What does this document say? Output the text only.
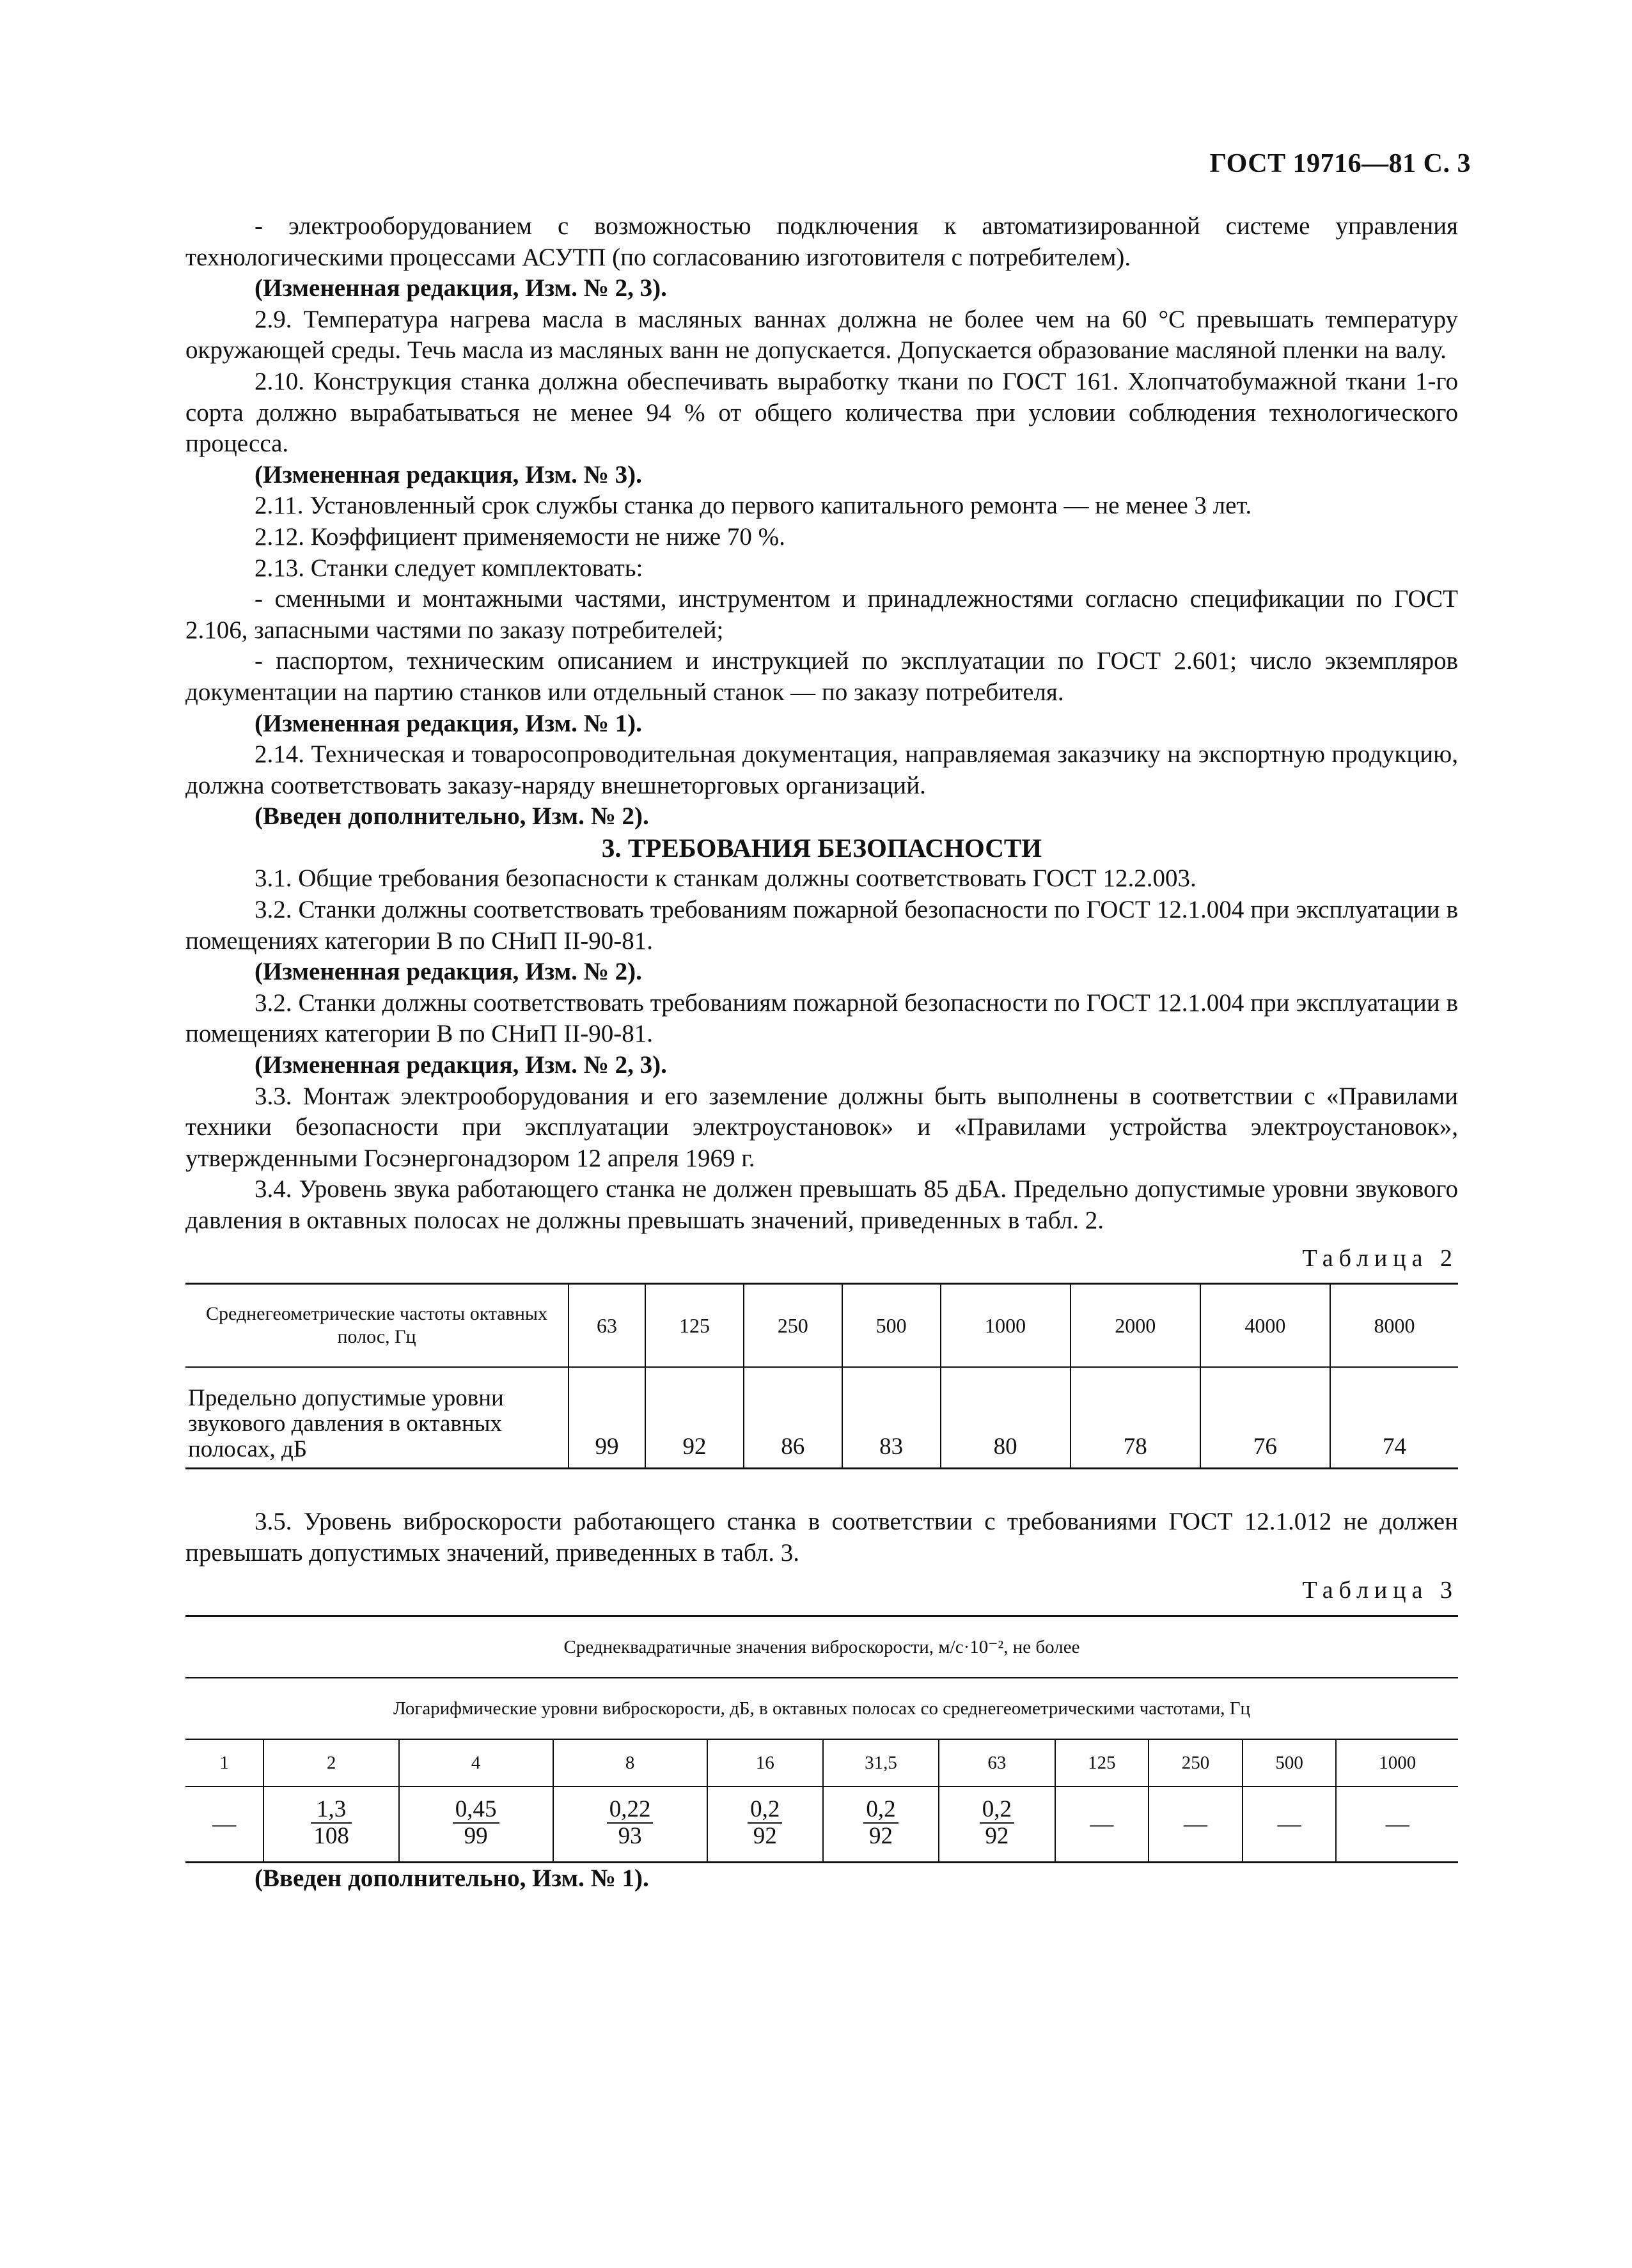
ГОСТ 19716—81 С. 3

- электрооборудованием с возможностью подключения к автоматизированной системе управления технологическими процессами АСУТП (по согласованию изготовителя с потребителем).

(Измененная редакция, Изм. № 2, 3).

2.9. Температура нагрева масла в масляных ваннах должна не более чем на 60 °С превышать температуру окружающей среды. Течь масла из масляных ванн не допускается. Допускается образование масляной пленки на валу.

2.10. Конструкция станка должна обеспечивать выработку ткани по ГОСТ 161. Хлопчатобумажной ткани 1-го сорта должно вырабатываться не менее 94 % от общего количества при условии соблюдения технологического процесса.

(Измененная редакция, Изм. № 3).

2.11. Установленный срок службы станка до первого капитального ремонта — не менее 3 лет.

2.12. Коэффициент применяемости не ниже 70 %.

2.13. Станки следует комплектовать:

- сменными и монтажными частями, инструментом и принадлежностями согласно спецификации по ГОСТ 2.106, запасными частями по заказу потребителей;

- паспортом, техническим описанием и инструкцией по эксплуатации по ГОСТ 2.601; число экземпляров документации на партию станков или отдельный станок — по заказу потребителя.

(Измененная редакция, Изм. № 1).

2.14. Техническая и товаросопроводительная документация, направляемая заказчику на экспортную продукцию, должна соответствовать заказу-наряду внешнеторговых организаций.

(Введен дополнительно, Изм. № 2).

3. ТРЕБОВАНИЯ БЕЗОПАСНОСТИ

3.1. Общие требования безопасности к станкам должны соответствовать ГОСТ 12.2.003.

3.2. Станки должны соответствовать требованиям пожарной безопасности по ГОСТ 12.1.004 при эксплуатации в помещениях категории В по СНиП II-90-81.

(Измененная редакция, Изм. № 2).

3.2. Станки должны соответствовать требованиям пожарной безопасности по ГОСТ 12.1.004 при эксплуатации в помещениях категории В по СНиП II-90-81.

(Измененная редакция, Изм. № 2, 3).

3.3. Монтаж электрооборудования и его заземление должны быть выполнены в соответствии с «Правилами техники безопасности при эксплуатации электроустановок» и «Правилами устройства электроустановок», утвержденными Госэнергонадзором 12 апреля 1969 г.

3.4. Уровень звука работающего станка не должен превышать 85 дБА. Предельно допустимые уровни звукового давления в октавных полосах не должны превышать значений, приведенных в табл. 2.

Таблица 2
Среднегеометрические частоты октавных полос, Гц	63	125	250	500	1000	2000	4000	8000
Предельно допустимые уровни звукового давления в октавных полосах, дБ	99	92	86	83	80	78	76	74

3.5. Уровень виброскорости работающего станка в соответствии с требованиями ГОСТ 12.1.012 не должен превышать допустимых значений, приведенных в табл. 3.

Таблица 3
Среднеквадратичные значения виброскорости, м/с·10⁻², не более										
Логарифмические уровни виброскорости, дБ, в октавных полосах со среднегеометрическими частотами, Гц										
1	2	4	8	16	31,5	63	125	250	500	1000
—	$\frac{1,3}{108}$	$\frac{0,45}{99}$	$\frac{0,22}{93}$	$\frac{0,2}{92}$	$\frac{0,2}{92}$	$\frac{0,2}{92}$	—	—	—	—

(Введен дополнительно, Изм. № 1).
